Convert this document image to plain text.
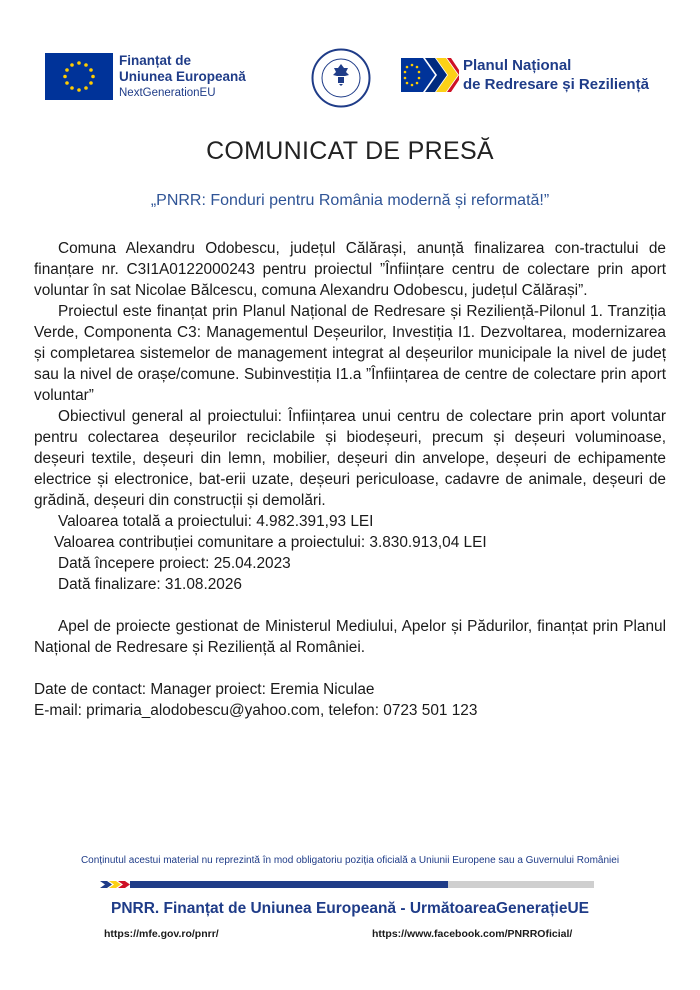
Finanțat de
Uniunea Europeană
NextGenerationEU
Planul Național
de Redresare și Reziliență
COMUNICAT DE PRESĂ
„PNRR: Fonduri pentru România modernă și reformată!”

Comuna Alexandru Odobescu, județul Călărași, anunță finalizarea con-tractului de finanțare nr. C3I1A0122000243 pentru proiectul ”Înființare centru de colectare prin aport voluntar în sat Nicolae Bălcescu, comuna Alexandru Odobescu, județul Călărași”.

Proiectul este finanțat prin Planul Național de Redresare și Reziliență-Pilonul 1. Tranziția Verde, Componenta C3: Managementul Deșeurilor, Investiția I1. Dezvoltarea, modernizarea și completarea sistemelor de management integrat al deșeurilor municipale la nivel de județ sau la nivel de orașe/comune. Subinvestiția I1.a ”Înființarea de centre de colectare prin aport voluntar”

Obiectivul general al proiectului: Înființarea unui centru de colectare prin aport voluntar pentru colectarea deșeurilor reciclabile și biodeșeuri, precum și deșeuri voluminoase, deșeuri textile, deșeuri din lemn, mobilier, deșeuri din anvelope, deșeuri de echipamente electrice și electronice, bat-erii uzate, deșeuri periculoase, cadavre de animale, deșeuri de grădină, deșeuri din construcții și demolări.

Valoarea totală a proiectului: 4.982.391,93 LEI
Valoarea contribuției comunitare a proiectului: 3.830.913,04 LEI
Dată începere proiect: 25.04.2023
Dată finalizare: 31.08.2026

Apel de proiecte gestionat de Ministerul Mediului, Apelor și Pădurilor, finanțat prin Planul Național de Redresare și Reziliență al României.

Date de contact: Manager proiect: Eremia Niculae

E-mail: primaria_alodobescu@yahoo.com, telefon: 0723 501 123

Conținutul acestui material nu reprezintă în mod obligatoriu poziția oficială a Uniunii Europene sau a Guvernului României
PNRR. Finanțat de Uniunea Europeană - UrmătoareaGenerațieUE
https://mfe.gov.ro/pnrr/	https://www.facebook.com/PNRROficial/
